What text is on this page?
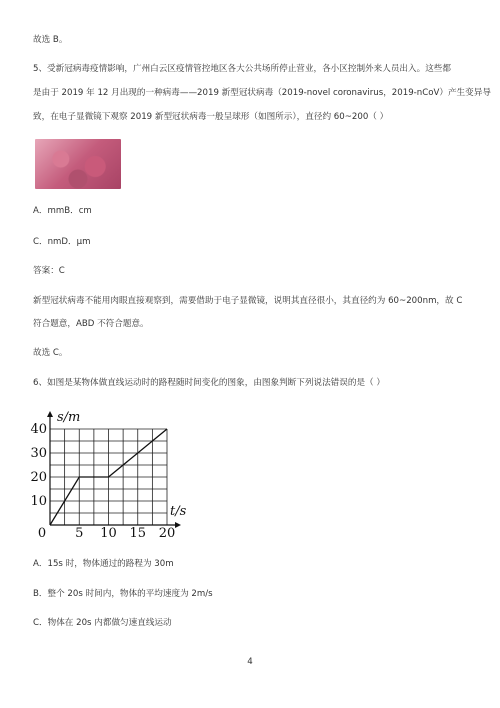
故选 B。
5、受新冠病毒疫情影响，广州白云区疫情管控地区各大公共场所停止营业，各小区控制外来人员出入。这些都
是由于 2019 年 12 月出现的一种病毒——2019 新型冠状病毒（2019-novel coronavirus，2019-nCoV）产生变异导
致，在电子显微镜下观察 2019 新型冠状病毒一般呈球形（如图所示），直径约 60~200（ ）
A．mmB．cm
C．nmD．μm
答案：C
新型冠状病毒不能用肉眼直接观察到，需要借助于电子显微镜，说明其直径很小，其直径约为 60~200nm，故 C
符合题意，ABD 不符合题意。
故选 C。
6、如图是某物体做直线运动时的路程随时间变化的图象，由图象判断下列说法错误的是（ ）
0 5 10 15 20
10
20
30
40
s/m
t/s
A．15s 时，物体通过的路程为 30m
B．整个 20s 时间内，物体的平均速度为 2m/s
C．物体在 20s 内都做匀速直线运动
4
